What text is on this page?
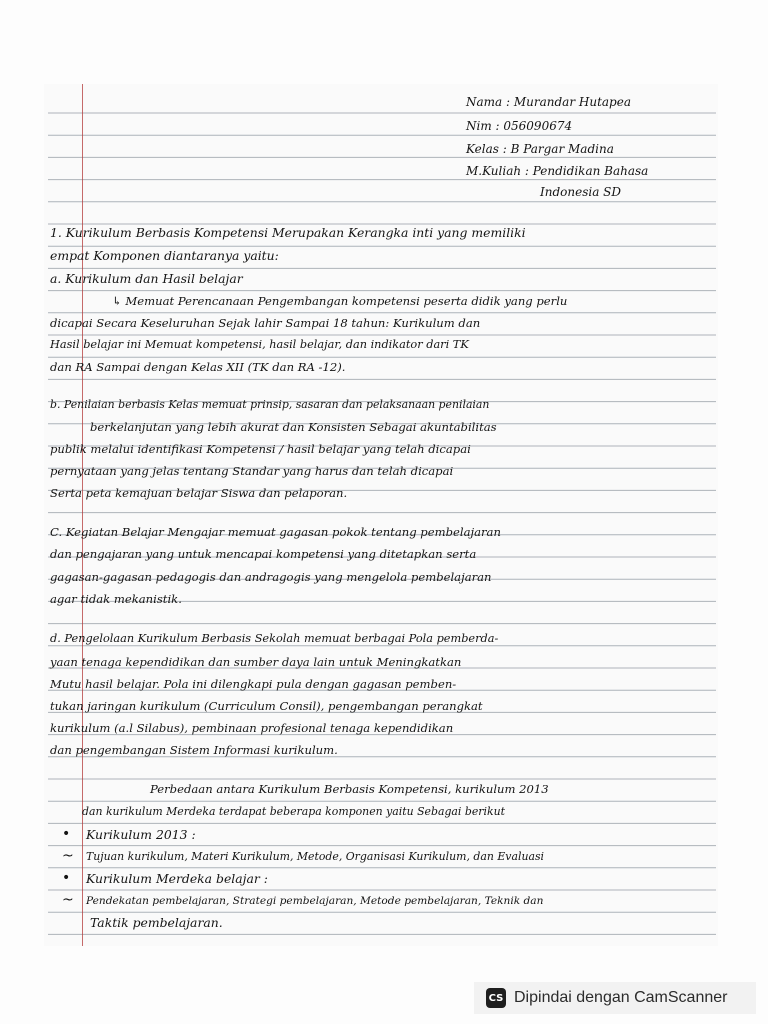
Nama : Murandar Hutapea
Nim : 056090674
Kelas : B Pargar Madina
M.Kuliah : Pendidikan Bahasa
Indonesia SD
1. Kurikulum Berbasis Kompetensi Merupakan Kerangka inti yang memiliki
empat Komponen diantaranya yaitu:
a. Kurikulum dan Hasil belajar
↳ Memuat Perencanaan Pengembangan kompetensi peserta didik yang perlu
dicapai Secara Keseluruhan Sejak lahir Sampai 18 tahun: Kurikulum dan
Hasil belajar ini Memuat kompetensi, hasil belajar, dan indikator dari TK
dan RA Sampai dengan Kelas XII (TK dan RA -12).
b. Penilaian berbasis Kelas memuat prinsip, sasaran dan pelaksanaan penilaian
berkelanjutan yang lebih akurat dan Konsisten Sebagai akuntabilitas
publik melalui identifikasi Kompetensi / hasil belajar yang telah dicapai
pernyataan yang jelas tentang Standar yang harus dan telah dicapai
Serta peta kemajuan belajar Siswa dan pelaporan.
C. Kegiatan Belajar Mengajar memuat gagasan pokok tentang pembelajaran
dan pengajaran yang untuk mencapai kompetensi yang ditetapkan serta
gagasan-gagasan pedagogis dan andragogis yang mengelola pembelajaran
agar tidak mekanistik.
d. Pengelolaan Kurikulum Berbasis Sekolah memuat berbagai Pola pemberda-
yaan tenaga kependidikan dan sumber daya lain untuk Meningkatkan
Mutu hasil belajar. Pola ini dilengkapi pula dengan gagasan pemben-
tukan jaringan kurikulum (Curriculum Consil), pengembangan perangkat
kurikulum (a.l Silabus), pembinaan profesional tenaga kependidikan
dan pengembangan Sistem Informasi kurikulum.
Perbedaan antara Kurikulum Berbasis Kompetensi, kurikulum 2013
dan kurikulum Merdeka terdapat beberapa komponen yaitu Sebagai berikut
• Kurikulum 2013 :
~ Tujuan kurikulum, Materi Kurikulum, Metode, Organisasi Kurikulum, dan Evaluasi
• Kurikulum Merdeka belajar :
~ Pendekatan pembelajaran, Strategi pembelajaran, Metode pembelajaran, Teknik dan
Taktik pembelajaran.
CS Dipindai dengan CamScanner
